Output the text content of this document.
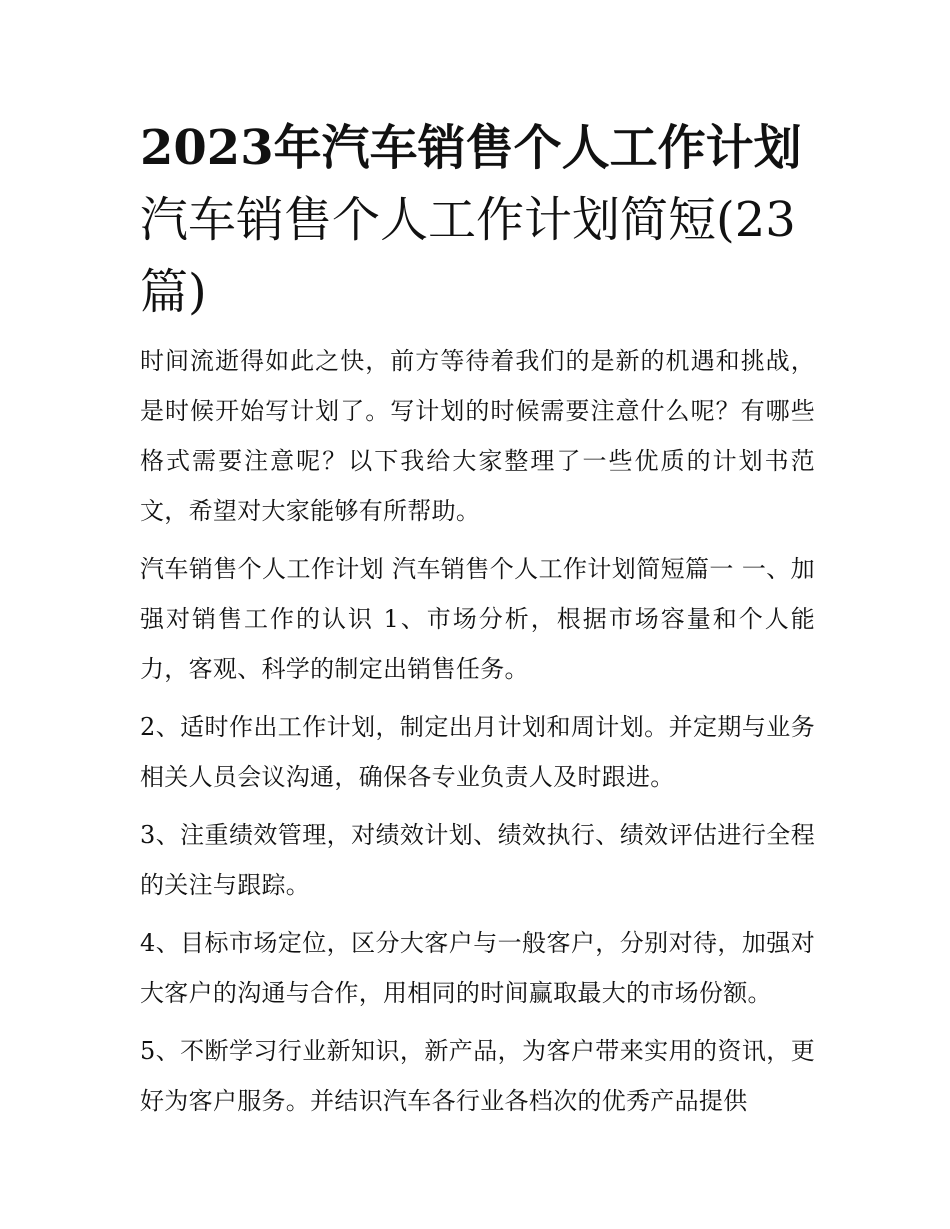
2023年汽车销售个人工作计划
汽车销售个人工作计划简短(23篇)

时间流逝得如此之快，前方等待着我们的是新的机遇和挑战，是时候开始写计划了。写计划的时候需要注意什么呢？有哪些格式需要注意呢？以下我给大家整理了一些优质的计划书范文，希望对大家能够有所帮助。

汽车销售个人工作计划 汽车销售个人工作计划简短篇一 一、加强对销售工作的认识 1、市场分析，根据市场容量和个人能力，客观、科学的制定出销售任务。

2、适时作出工作计划，制定出月计划和周计划。并定期与业务相关人员会议沟通，确保各专业负责人及时跟进。

3、注重绩效管理，对绩效计划、绩效执行、绩效评估进行全程的关注与跟踪。

4、目标市场定位，区分大客户与一般客户，分别对待，加强对大客户的沟通与合作，用相同的时间赢取最大的市场份额。

5、不断学习行业新知识，新产品，为客户带来实用的资讯，更好为客户服务。并结识汽车各行业各档次的优秀产品提供
